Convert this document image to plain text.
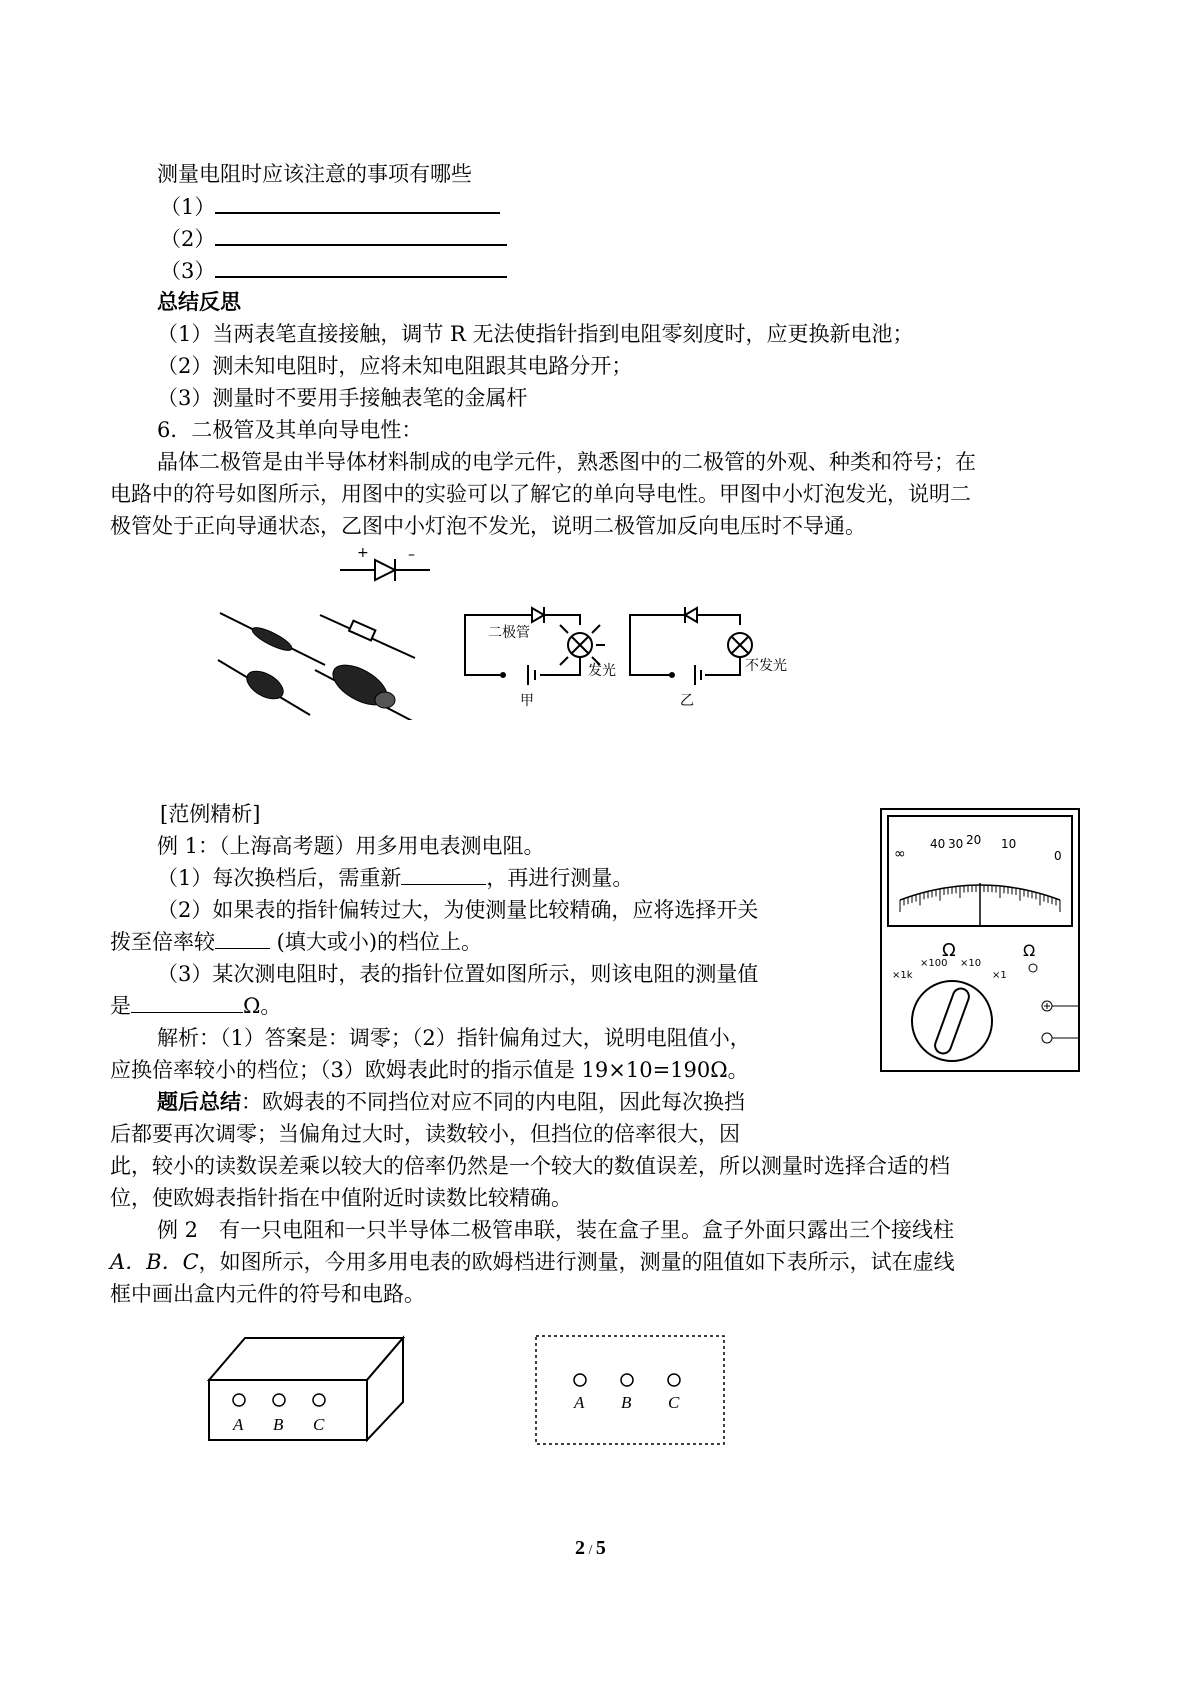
测量电阻时应该注意的事项有哪些
（1）
（2）
（3）
总结反思
（1）当两表笔直接接触，调节 R 无法使指针指到电阻零刻度时，应更换新电池；
（2）测未知电阻时，应将未知电阻跟其电路分开；
（3）测量时不要用手接触表笔的金属杆
6．二极管及其单向导电性：
晶体二极管是由半导体材料制成的电学元件，熟悉图中的二极管的外观、种类和符号；在
电路中的符号如图所示，用图中的实验可以了解它的单向导电性。甲图中小灯泡发光，说明二
极管处于正向导通状态，乙图中小灯泡不发光，说明二极管加反向电压时不导通。
+	–
二极管
发光
甲
不发光
乙
[范例精析]
例 1：（上海高考题）用多用电表测电阻。
（1）每次换档后，需重新	，再进行测量。
（2）如果表的指针偏转过大，为使测量比较精确，应将选择开关
拨至倍率较	(填大或小)的档位上。
（3）某次测电阻时，表的指针位置如图所示，则该电阻的测量值
是	Ω。
解析：（1）答案是：调零；（2）指针偏角过大，说明电阻值小，
应换倍率较小的档位；（3）欧姆表此时的指示值是 19×10=190Ω。
题后总结：欧姆表的不同挡位对应不同的内电阻，因此每次换挡
后都要再次调零；当偏角过大时，读数较小，但挡位的倍率很大，因
此，较小的读数误差乘以较大的倍率仍然是一个较大的数值误差，所以测量时选择合适的档
位，使欧姆表指针指在中值附近时读数比较精确。
∞
40 30 20 10
0
Ω	Ω
×1k
×100 ×10
×1
例 2　有一只电阻和一只半导体二极管串联，装在盒子里。盒子外面只露出三个接线柱
A．B．C，如图所示，今用多用电表的欧姆档进行测量，测量的阻值如下表所示，试在虚线
框中画出盒内元件的符号和电路。
A B C
A B C
2 / 5
